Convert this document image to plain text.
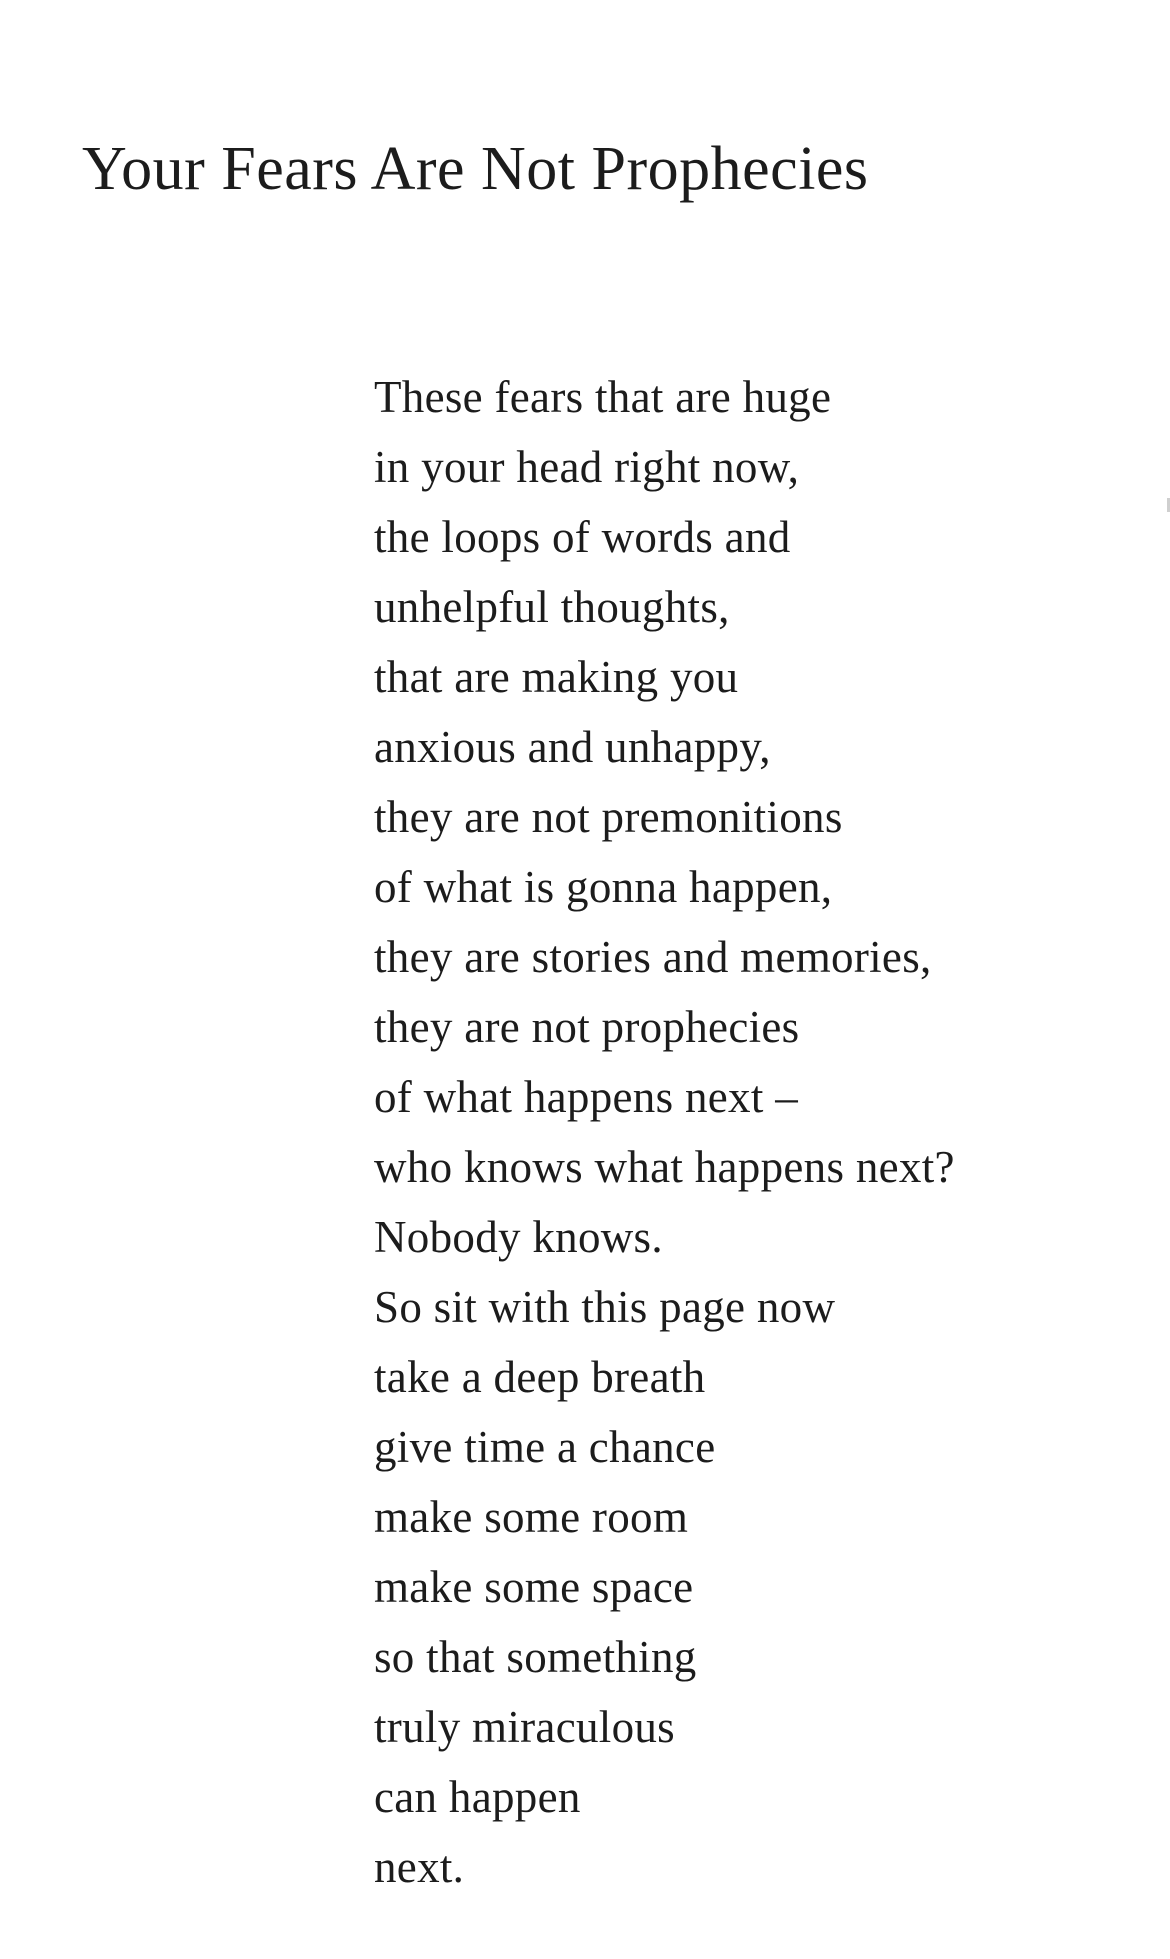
Your Fears Are Not Prophecies
These fears that are huge
in your head right now,
the loops of words and
unhelpful thoughts,
that are making you
anxious and unhappy,
they are not premonitions
of what is gonna happen,
they are stories and memories,
they are not prophecies
of what happens next –
who knows what happens next?
Nobody knows.
So sit with this page now
take a deep breath
give time a chance
make some room
make some space
so that something
truly miraculous
can happen
next.
